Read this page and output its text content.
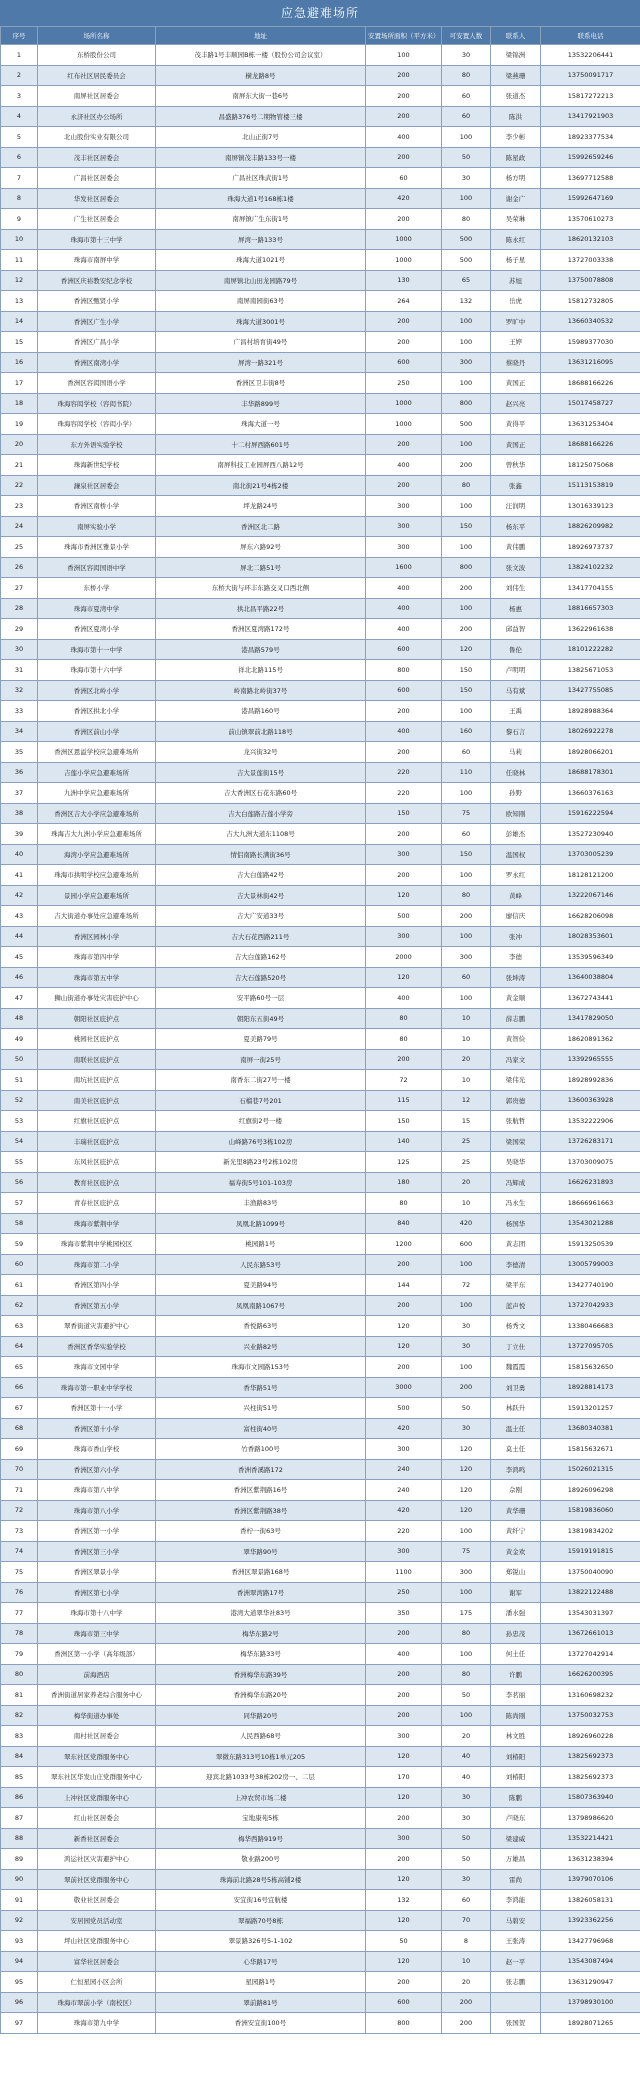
应急避难场所
序号	场所名称	地址	安置场所面积（平方米）	可安置人数	联系人	联系电话
1	东桥股份公司	茂丰路1号丰顺园B栋一楼（股份公司会议室）	100	30	梁锦洲	13532206441
2	红布社区居民委员会	横龙路8号	200	80	梁燕珊	13750091717
3	南屏社区居委会	南屏东大街一巷6号	200	60	张道杰	15817272213
4	永济社区办公场所	昌盛路376号二期物管楼三楼	200	60	陈洪	13417921903
5	北山股份实业有限公司	北山正街7号	400	100	李少彬	18923377534
6	茂丰社区居委会	南屏镇茂丰路133号一楼	200	50	陈星政	15992659246
7	广昌社区居委会	广昌社区珠武街1号	60	30	杨方明	13697712588
8	华发社区居委会	珠海大道1号168栋1楼	420	100	谢金广	15992647169
9	广生社区居委会	南屏镇广生东街1号	200	80	吴荣琳	13570610273
10	珠海市第十三中学	屏湾一路133号	1000	500	陈永红	18620132103
11	珠海市南屏中学	珠海大道1021号	1000	500	杨子星	13727003338
12	香洲区庆裕教安纪念学校	南屏镇北山田龙园路79号	130	65	苏旭	13750078808
13	香洲区甄贤小学	南屏南园街63号	264	132	岳虎	15812732805
14	香洲区广生小学	珠海大道3001号	200	100	罗旷中	13660340532
15	香洲区广昌小学	广昌村培育街49号	200	100	王婷	15989377030
16	香洲区南湾小学	屏湾一路321号	600	300	蔡晓丹	13631216095
17	香洲区容闳国语小学	香洲区卫丰街8号	250	100	黄国正	18688166226
18	珠海容闳学校（容闳书院）	丰华路899号	1000	800	赵兴亮	15017458727
19	珠海容闳学校（容闳小学）	珠海大道一号	1000	500	黄得平	13631253404
20	东方外语实验学校	十二村屏西路601号	200	100	黄国正	18688166226
21	珠海新世纪学校	南屏科技工业园屏西八路12号	400	200	曾秋华	18125075068
22	濂泉社区居委会	南北街21号4栋2楼	200	80	张鑫	15113153819
23	香洲区南桥小学	坪龙路24号	300	100	汪润明	13016339123
24	南屏实验小学	香洲区北二路	300	150	杨东平	18826209982
25	珠海市香洲区雅景小学	屏东六路92号	300	100	黄伟鹏	18926973737
26	香洲区容闳国语中学	屏北二路51号	1600	800	张文波	13824102232
27	东桥小学	东桥大街与环丰东路交叉口西北侧	400	200	刘伟生	13417704155
28	珠海市夏湾中学	拱北昌平路22号	400	100	杨惠	18816657303
29	香洲区夏湾小学	香洲区夏湾路172号	400	200	邱益智	13622961638
30	珠海市第十一中学	港昌路579号	600	120	鲁伦	18101222282
31	珠海市第十六中学	祥北北路115号	800	150	卢明明	13825671053
32	香洲区北岭小学	岭南路北岭街37号	600	150	马有斌	13427755085
33	香洲区拱北小学	港昌路160号	200	100	王禹	18928988364
34	香洲区前山小学	前山镇翠前北路118号	400	160	黎石言	18026922278
35	香洲区恩溢学校应急避难场所	龙兴街32号	200	60	马莉	18928066201
36	吉莲小学应急避难场所	吉大景莲街15号	220	110	任晓林	18688178301
37	九洲中学应急避难场所	吉大香洲区石花东路60号	220	100	孙野	13660376163
38	香洲区吉大小学应急避难场所	吉大白莲路吉莲小学旁	150	75	欧知刚	15916222594
39	珠海吉大九洲小学应急避难场所	吉大九洲大道东1108号	200	60	彭雄杰	13527230940
40	海湾小学应急避难场所	情侣南路长满街36号	300	150	温国权	13703005239
41	珠海市拱明学校应急避难场所	吉大白莲路42号	200	100	罗永红	18128121200
42	景园小学应急避难场所	吉大景林街42号	120	80	黄峰	13222067146
43	吉大街道办事处应急避难场所	吉大广安道33号	500	200	廖信庆	16628206098
44	香洲区园林小学	吉大石花西路211号	300	100	张冲	18028353601
45	珠海市第四中学	吉大白莲路162号	2000	300	李德	13539596349
46	珠海市第五中学	吉大石莲路520号	120	60	张坤涛	13640038804
47	狮山街道办事处灾害庇护中心	安平路60号一层	400	100	黄金顺	13672743441
48	朝阳社区庇护点	朝阳东五街49号	80	10	薛志鹏	13417829050
49	桃园社区庇护点	夏美路79号	80	10	黄智俭	18620891362
50	南联社区庇护点	南屏一街25号	200	20	冯家文	13392965555
51	南坑社区庇护点	南香东二街27号一楼	72	10	梁伟光	18928992836
52	南美社区庇护点	石榴巷7号201	115	12	郭贵德	13600363928
53	红旗社区庇护点	红旗街2号一楼	150	15	张航哲	13532222906
54	丰瑞社区庇护点	山峰路76号3栋102房	140	25	梁国荣	13726283171
55	东风社区庇护点	新光里8路23号2栋102房	125	25	吴晓华	13703009075
56	教育社区庇护点	福寿街5号101-103房	180	20	冯辉成	16626231893
57	青春社区庇护点	丰渔路83号	80	10	冯永生	18666961663
58	珠海市紫荆中学	凤凰北路1099号	840	420	杨国华	13543021288
59	珠海市紫荆中学桃园校区	桃园路1号	1200	600	黄志团	15913250539
60	珠海市第二小学	人民东路53号	200	100	李德清	13005799003
61	香洲区第四小学	夏美路94号	144	72	梁平东	13427740190
62	香洲区第五小学	凤凰南路1067号	200	100	蓝声悦	13727042933
63	翠香街道灾害避护中心	香悦路63号	120	30	杨秀文	13380466683
64	香洲区香华实验学校	兴业路82号	120	30	丁立仕	13727095705
65	珠海市文园中学	珠海市文园路153号	200	100	魏霞霞	15815632650
66	珠海市第一职业中学学校	香华路51号	3000	200	刘卫勇	18928814173
67	香洲区第十一小学	兴柱街51号	500	50	林跃升	15913201257
68	香洲区第十小学	富柱街40号	420	30	温土任	13680340381
69	珠海市香山学校	竹香路100号	300	120	莫土任	15815632671
70	香洲区第六小学	香洲香溪路172	240	120	李鸿鸣	15026021315
71	珠海市第八中学	香洲区紫荆路16号	240	120	佘刚	18926096298
72	珠海市第八小学	香洲区紫荆路38号	420	120	黄华珊	15819836060
73	香洲区第一小学	香柠一街63号	220	100	黄纤宁	13819834202
74	香洲区第三小学	翠华路90号	300	75	黄金欢	15919191815
75	香洲区翠景小学	香洲区翠景路168号	1100	300	郑锐山	13750040090
76	香洲区第七小学	香洲翠湾路17号	250	100	谢军	13822122488
77	珠海市第十八中学	港湾大道翠华社83号	350	175	潘水强	13543031397
78	珠海市第三中学	梅华东路2号	200	80	孙忠茂	13672661013
79	香洲区第一小学（高年级部）	梅华东路33号	400	100	何土任	13727042914
80	前海酒店	香洲梅华东路39号	200	80	许鹏	16626200395
81	香洲街道居家养老综合服务中心	香洲梅华东路20号	200	50	李茗丽	13160698232
82	梅华街道办事处	同华路20号	200	100	陈尚刚	13750032753
83	南村社区居委会	人民西路68号	300	20	林文胜	18926960228
84	翠东社区党群服务中心	翠微东路313号10栋1单元205	120	40	刘椿阳	13825692373
85	翠东社区华发山庄党群服务中心	迎宾北路1033号38栋202房一、二层	170	40	刘椿阳	13825692373
86	上冲社区党群服务中心	上冲农贸市场二楼	120	30	陈鹏	15807363940
87	红山社区居委会	宝地康苑5栋	200	30	卢晓东	13798986620
88	新香社区居委会	梅华西路919号	300	50	梁建威	13532214421
89	鸿运社区灾害避护中心	敬业路200号	200	50	万雄昌	13631238394
90	翠前社区党群服务中心	珠海前北路28号5栋高铺2楼	120	30	雷尚	13979070106
91	敬业社区居委会	安宜街16号宜航楼	132	60	李鸿能	13826058131
92	安居园党员活动室	翠福路70号8栋	120	70	马碧安	13923362256
93	坪山社区党群服务中心	翠景路326号5-1-102	50	8	王张涛	13427796968
94	富华社区居委会	心华路17号	120	10	赵一平	13543087494
95	仁恒星园小区会所	星园路1号	200	20	张志鹏	13631290947
96	珠海市翠前小学（南校区）	翠前路81号	600	200		13798930100
97	珠海市第九中学	香洲安宜街100号	800	200	张国贺	18928071265
